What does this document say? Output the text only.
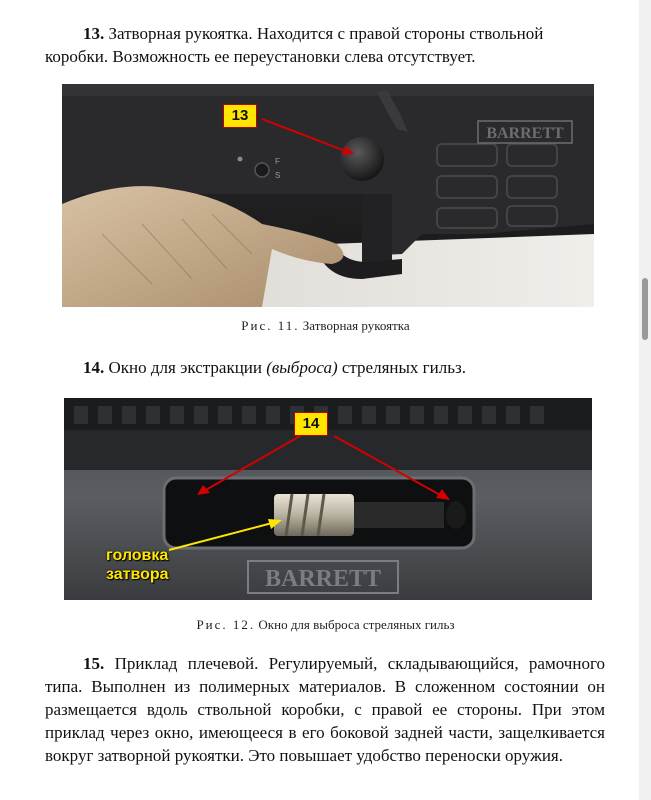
13. Затворная рукоятка. Находится с правой стороны ствольной коробки. Возможность ее переустановки слева отсутствует.

F
S
BARRETT
13
Рис. 11. Затворная рукоятка

14. Окно для экстракции (выброса) стреляных гильз.

BARRETT
14
головка
затвора
Рис. 12. Окно для выброса стреляных гильз

15. Приклад плечевой. Регулируемый, складывающийся, рамочного типа. Выполнен из полимерных материалов. В сложенном состоянии он размещается вдоль ствольной коробки, с правой ее стороны. При этом приклад через окно, имеющееся в его боковой задней части, защелкивается вокруг затворной рукоятки. Это повышает удобство переноски оружия.
